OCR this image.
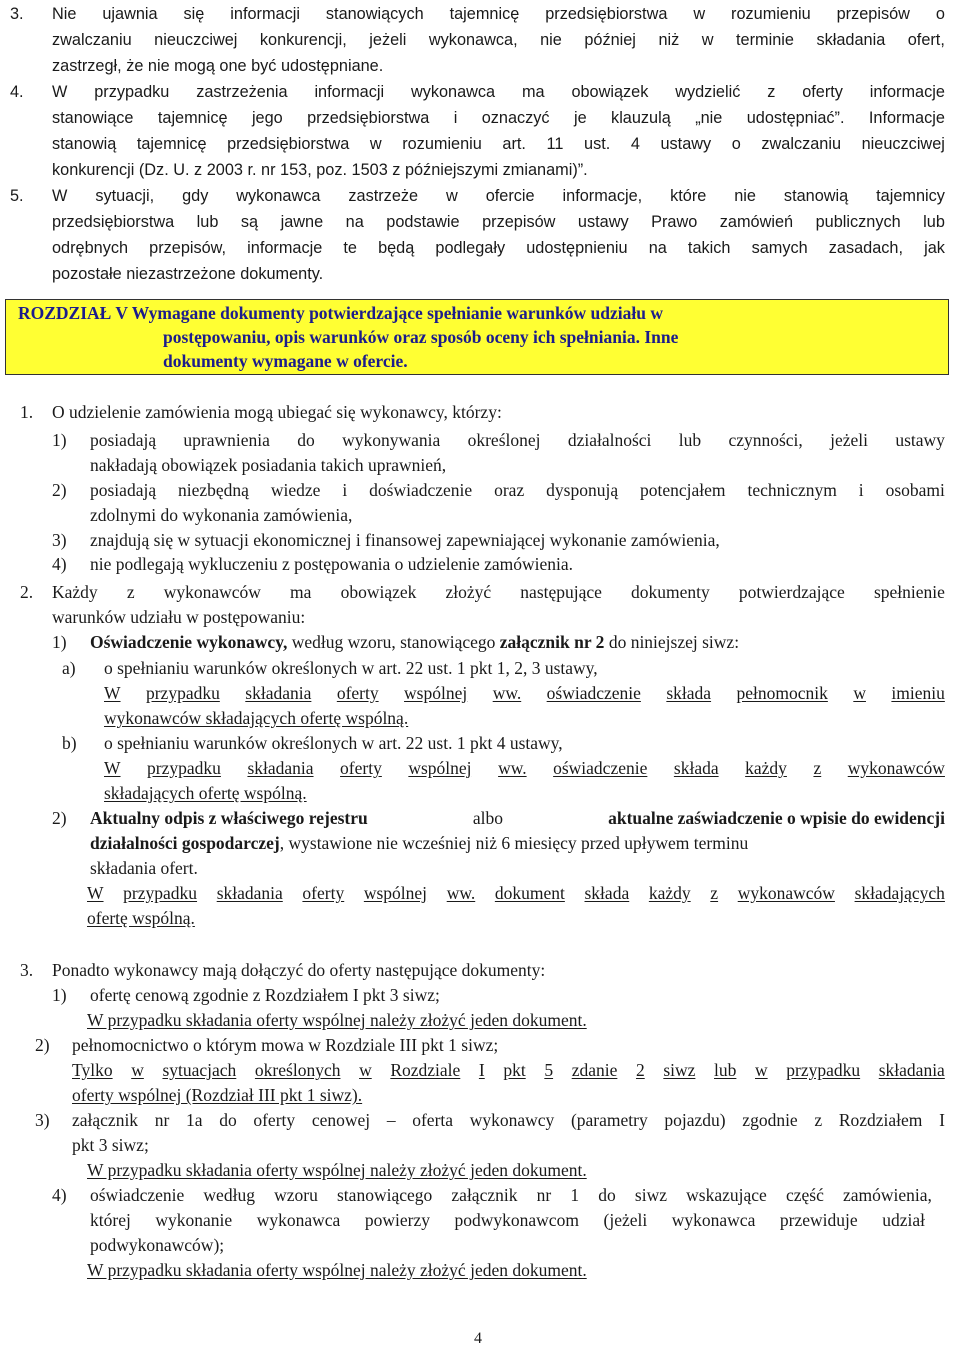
3. Nie ujawnia się informacji stanowiących tajemnicę przedsiębiorstwa w rozumieniu przepisów o
zwalczaniu nieuczciwej konkurencji, jeżeli wykonawca, nie później niż w terminie składania ofert,
zastrzegł, że nie mogą one być udostępniane.
4. W przypadku zastrzeżenia informacji wykonawca ma obowiązek wydzielić z oferty informacje
stanowiące tajemnicę jego przedsiębiorstwa i oznaczyć je klauzulą „nie udostępniać”. Informacje
stanowią tajemnicę przedsiębiorstwa w rozumieniu art. 11 ust. 4 ustawy o zwalczaniu nieuczciwej
konkurencji (Dz. U. z 2003 r. nr 153, poz. 1503 z późniejszymi zmianami)”.
5. W sytuacji, gdy wykonawca zastrzeże w ofercie informacje, które nie stanowią tajemnicy
przedsiębiorstwa lub są jawne na podstawie przepisów ustawy Prawo zamówień publicznych lub
odrębnych przepisów, informacje te będą podlegały udostępnieniu na takich samych zasadach, jak
pozostałe niezastrzeżone dokumenty.
ROZDZIAŁ V Wymagane dokumenty potwierdzające spełnianie warunków udziału w
postępowaniu, opis warunków oraz sposób oceny ich spełniania. Inne
dokumenty wymagane w ofercie.
1. O udzielenie zamówienia mogą ubiegać się wykonawcy, którzy:
1) posiadają uprawnienia do wykonywania określonej działalności lub czynności, jeżeli ustawy
nakładają obowiązek posiadania takich uprawnień,
2) posiadają niezbędną wiedze i doświadczenie oraz dysponują potencjałem technicznym i osobami
zdolnymi do wykonania zamówienia,
3) znajdują się w sytuacji ekonomicznej i finansowej zapewniającej wykonanie zamówienia,
4) nie podlegają wykluczeniu z postępowania o udzielenie zamówienia.
2. Każdy z wykonawców ma obowiązek złożyć następujące dokumenty potwierdzające spełnienie
warunków udziału w postępowaniu:
1) Oświadczenie wykonawcy, według wzoru, stanowiącego załącznik nr 2 do niniejszej siwz:
a) o spełnianiu warunków określonych w art. 22 ust. 1 pkt 1, 2, 3 ustawy,
W przypadku składania oferty wspólnej ww. oświadczenie składa pełnomocnik w imieniu
wykonawców składających ofertę wspólną.
b) o spełnianiu warunków określonych w art. 22 ust. 1 pkt 4 ustawy,
W przypadku składania oferty wspólnej ww. oświadczenie składa każdy z wykonawców
składających ofertę wspólną.
2) Aktualny odpis z właściwego rejestru	albo	aktualne zaświadczenie o wpisie do ewidencji
działalności gospodarczej, wystawione nie wcześniej niż 6 miesięcy przed upływem terminu
składania ofert.
W przypadku składania oferty wspólnej ww. dokument składa każdy z wykonawców składających
ofertę wspólną.
3. Ponadto wykonawcy mają dołączyć do oferty następujące dokumenty:
1) ofertę cenową zgodnie z Rozdziałem I pkt 3 siwz;
W przypadku składania oferty wspólnej należy złożyć jeden dokument.
2) pełnomocnictwo o którym mowa w Rozdziale III pkt 1 siwz;
Tylko w sytuacjach określonych w Rozdziale I pkt 5 zdanie 2 siwz lub w przypadku składania
oferty wspólnej (Rozdział III pkt 1 siwz).
3) załącznik nr 1a do oferty cenowej – oferta wykonawcy (parametry pojazdu) zgodnie z Rozdziałem I
pkt 3 siwz;
W przypadku składania oferty wspólnej należy złożyć jeden dokument.
4) oświadczenie według wzoru stanowiącego załącznik nr 1 do siwz wskazujące część zamówienia,
której wykonanie wykonawca powierzy podwykonawcom (jeżeli wykonawca przewiduje udział
podwykonawców);
W przypadku składania oferty wspólnej należy złożyć jeden dokument.
4
